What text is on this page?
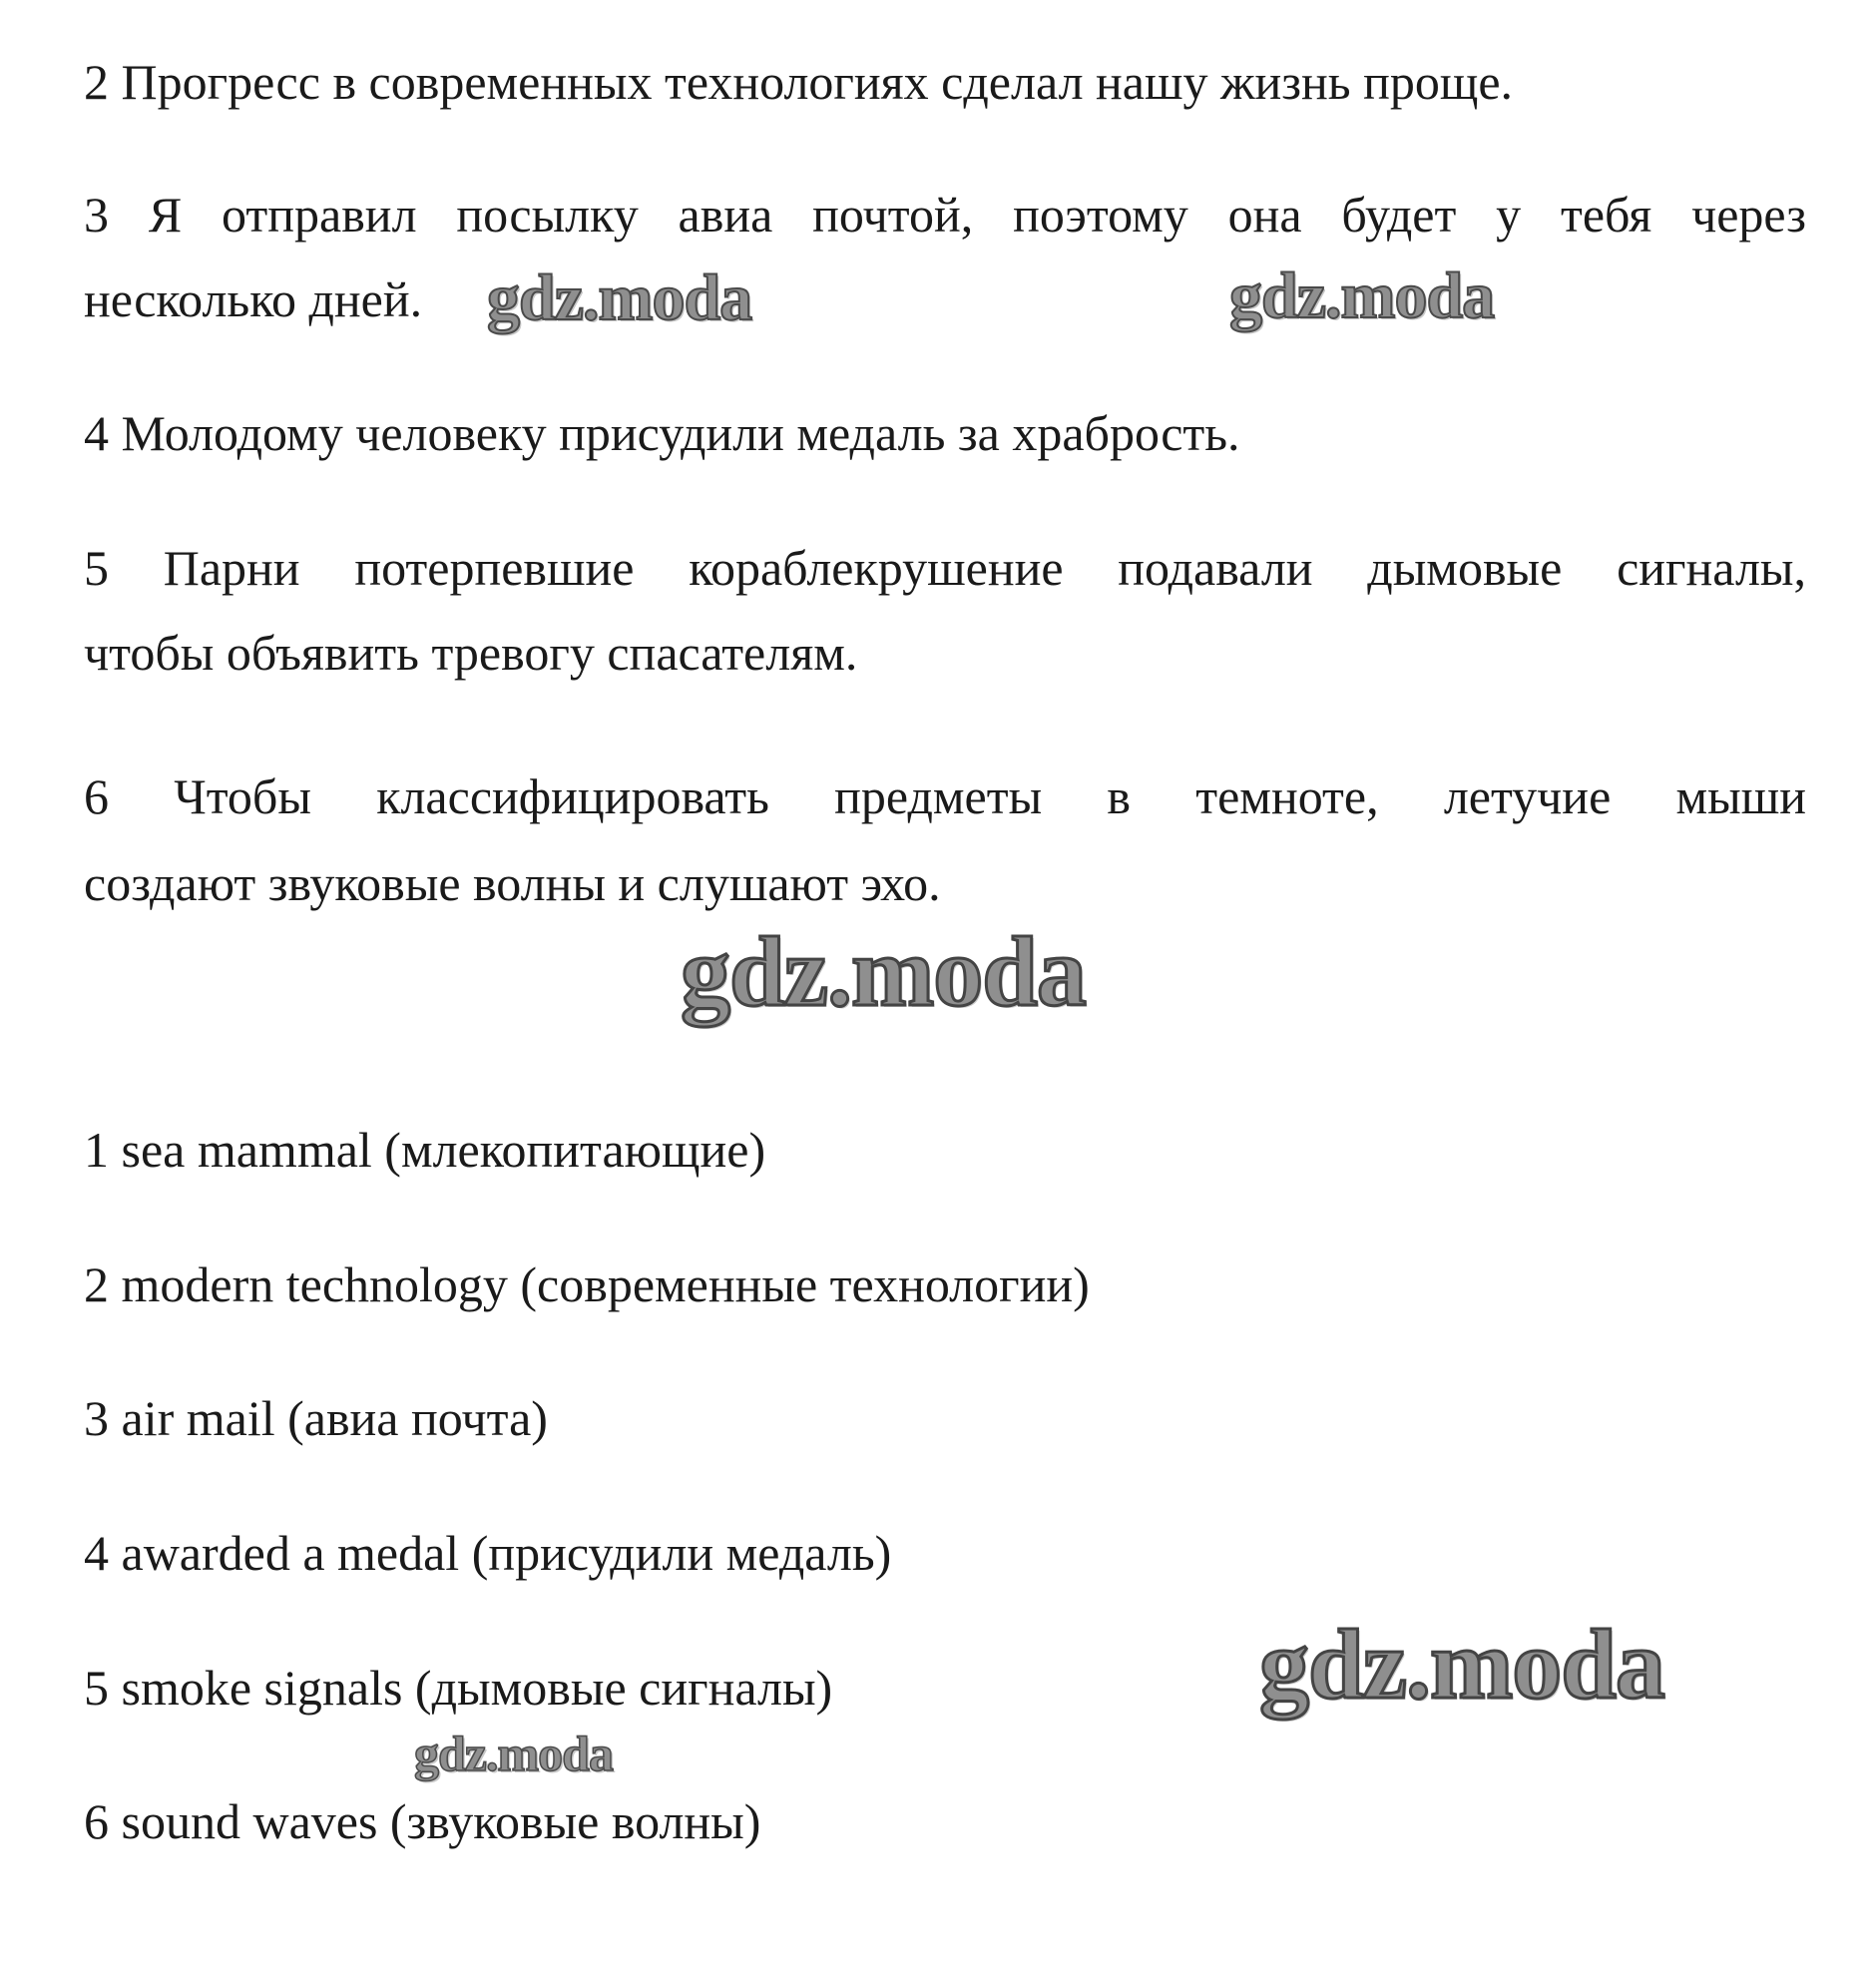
2 Прогресс в современных технологиях сделал нашу жизнь проще.
3 Я отправил посылку авиа почтой, поэтому она будет у тебя через
несколько дней.
4 Молодому человеку присудили медаль за храбрость.
5 Парни потерпевшие кораблекрушение подавали дымовые сигналы,
чтобы объявить тревогу спасателям.
6 Чтобы классифицировать предметы в темноте, летучие мыши
создают звуковые волны и слушают эхо.
1 sea mammal (млекопитающие)
2 modern technology (современные технологии)
3 air mail (авиа почта)
4 awarded a medal (присудили медаль)
5 smoke signals (дымовые сигналы)
6 sound waves (звуковые волны)
gdz.moda	gdz.moda
gdz.moda
gdz.moda
gdz.moda
